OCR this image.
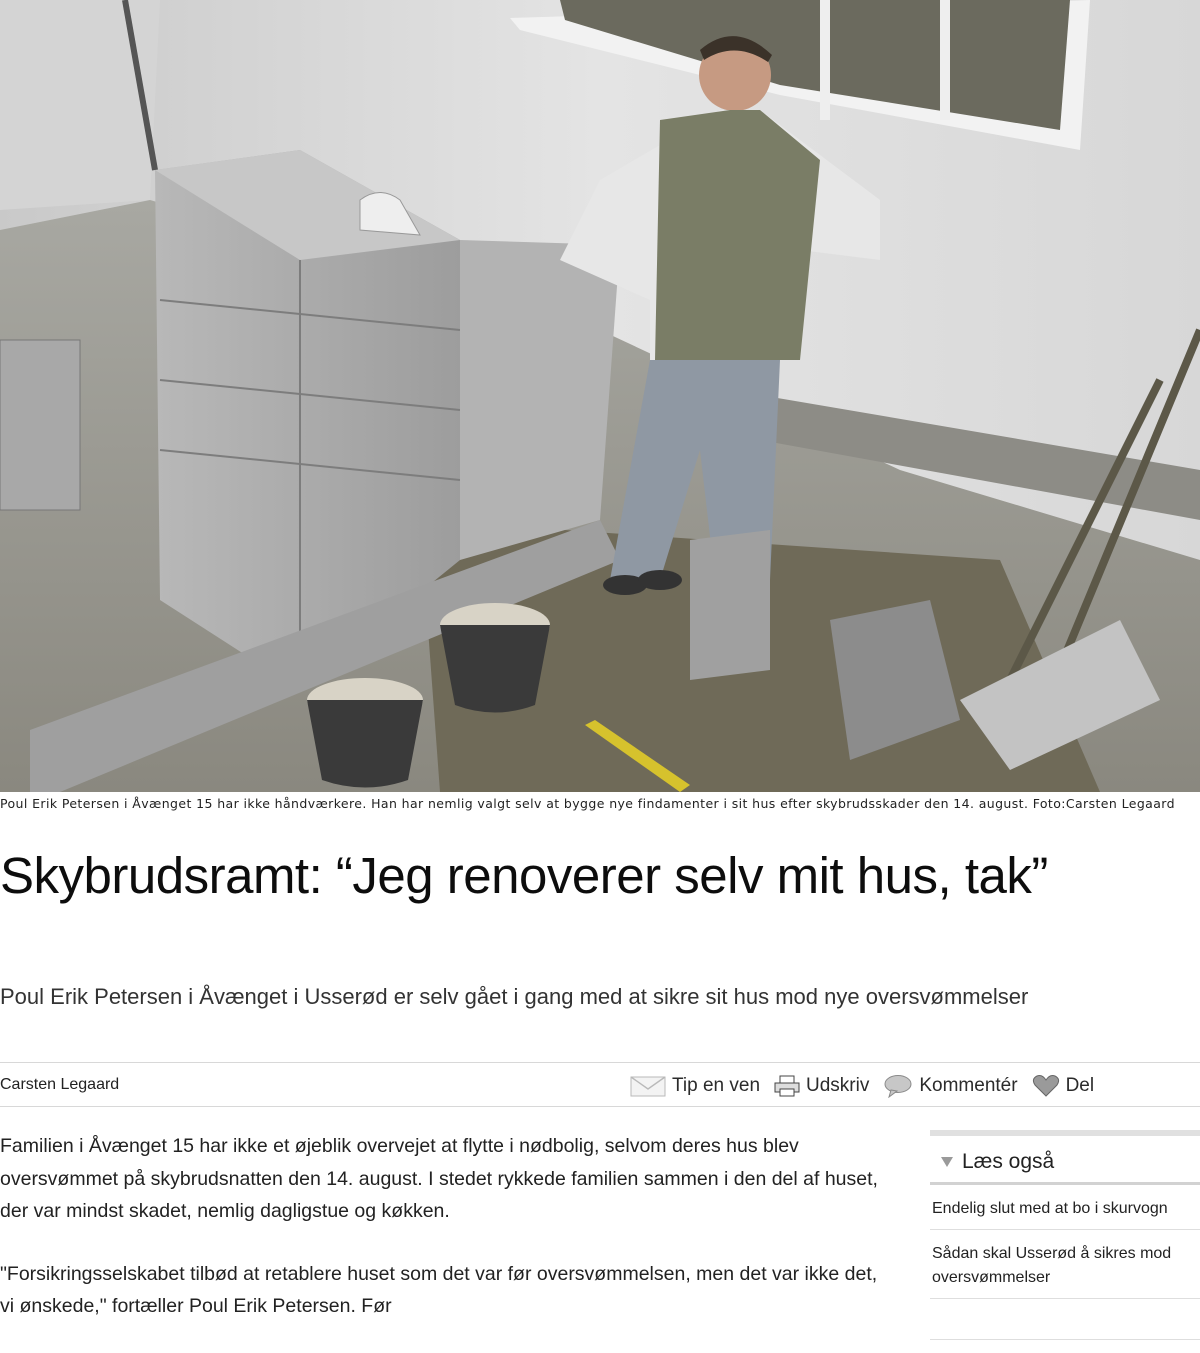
Poul Erik Petersen i Åvænget 15 har ikke håndværkere. Han har nemlig valgt selv at bygge nye findamenter i sit hus efter skybrudsskader den 14. august. Foto:Carsten Legaard
Skybrudsramt: “Jeg renoverer selv mit hus, tak”
Poul Erik Petersen i Åvænget i Usserød er selv gået i gang med at sikre sit hus mod nye oversvømmelser
Carsten Legaard	Tip en ven Udskriv	Kommentér	Del

Familien i Åvænget 15 har ikke et øjeblik overvejet at flytte i nødbolig, selvom deres hus blev oversvømmet på skybrudsnatten den 14. august. I stedet rykkede familien sammen i den del af huset, der var mindst skadet, nemlig dagligstue og køkken.

"Forsikringsselskabet tilbød at retablere huset som det var før oversvømmelsen, men det var ikke det, vi ønskede," fortæller Poul Erik Petersen. Før

Læs også
Endelig slut med at bo i skurvogn
Sådan skal Usserød å sikres mod oversvømmelser
